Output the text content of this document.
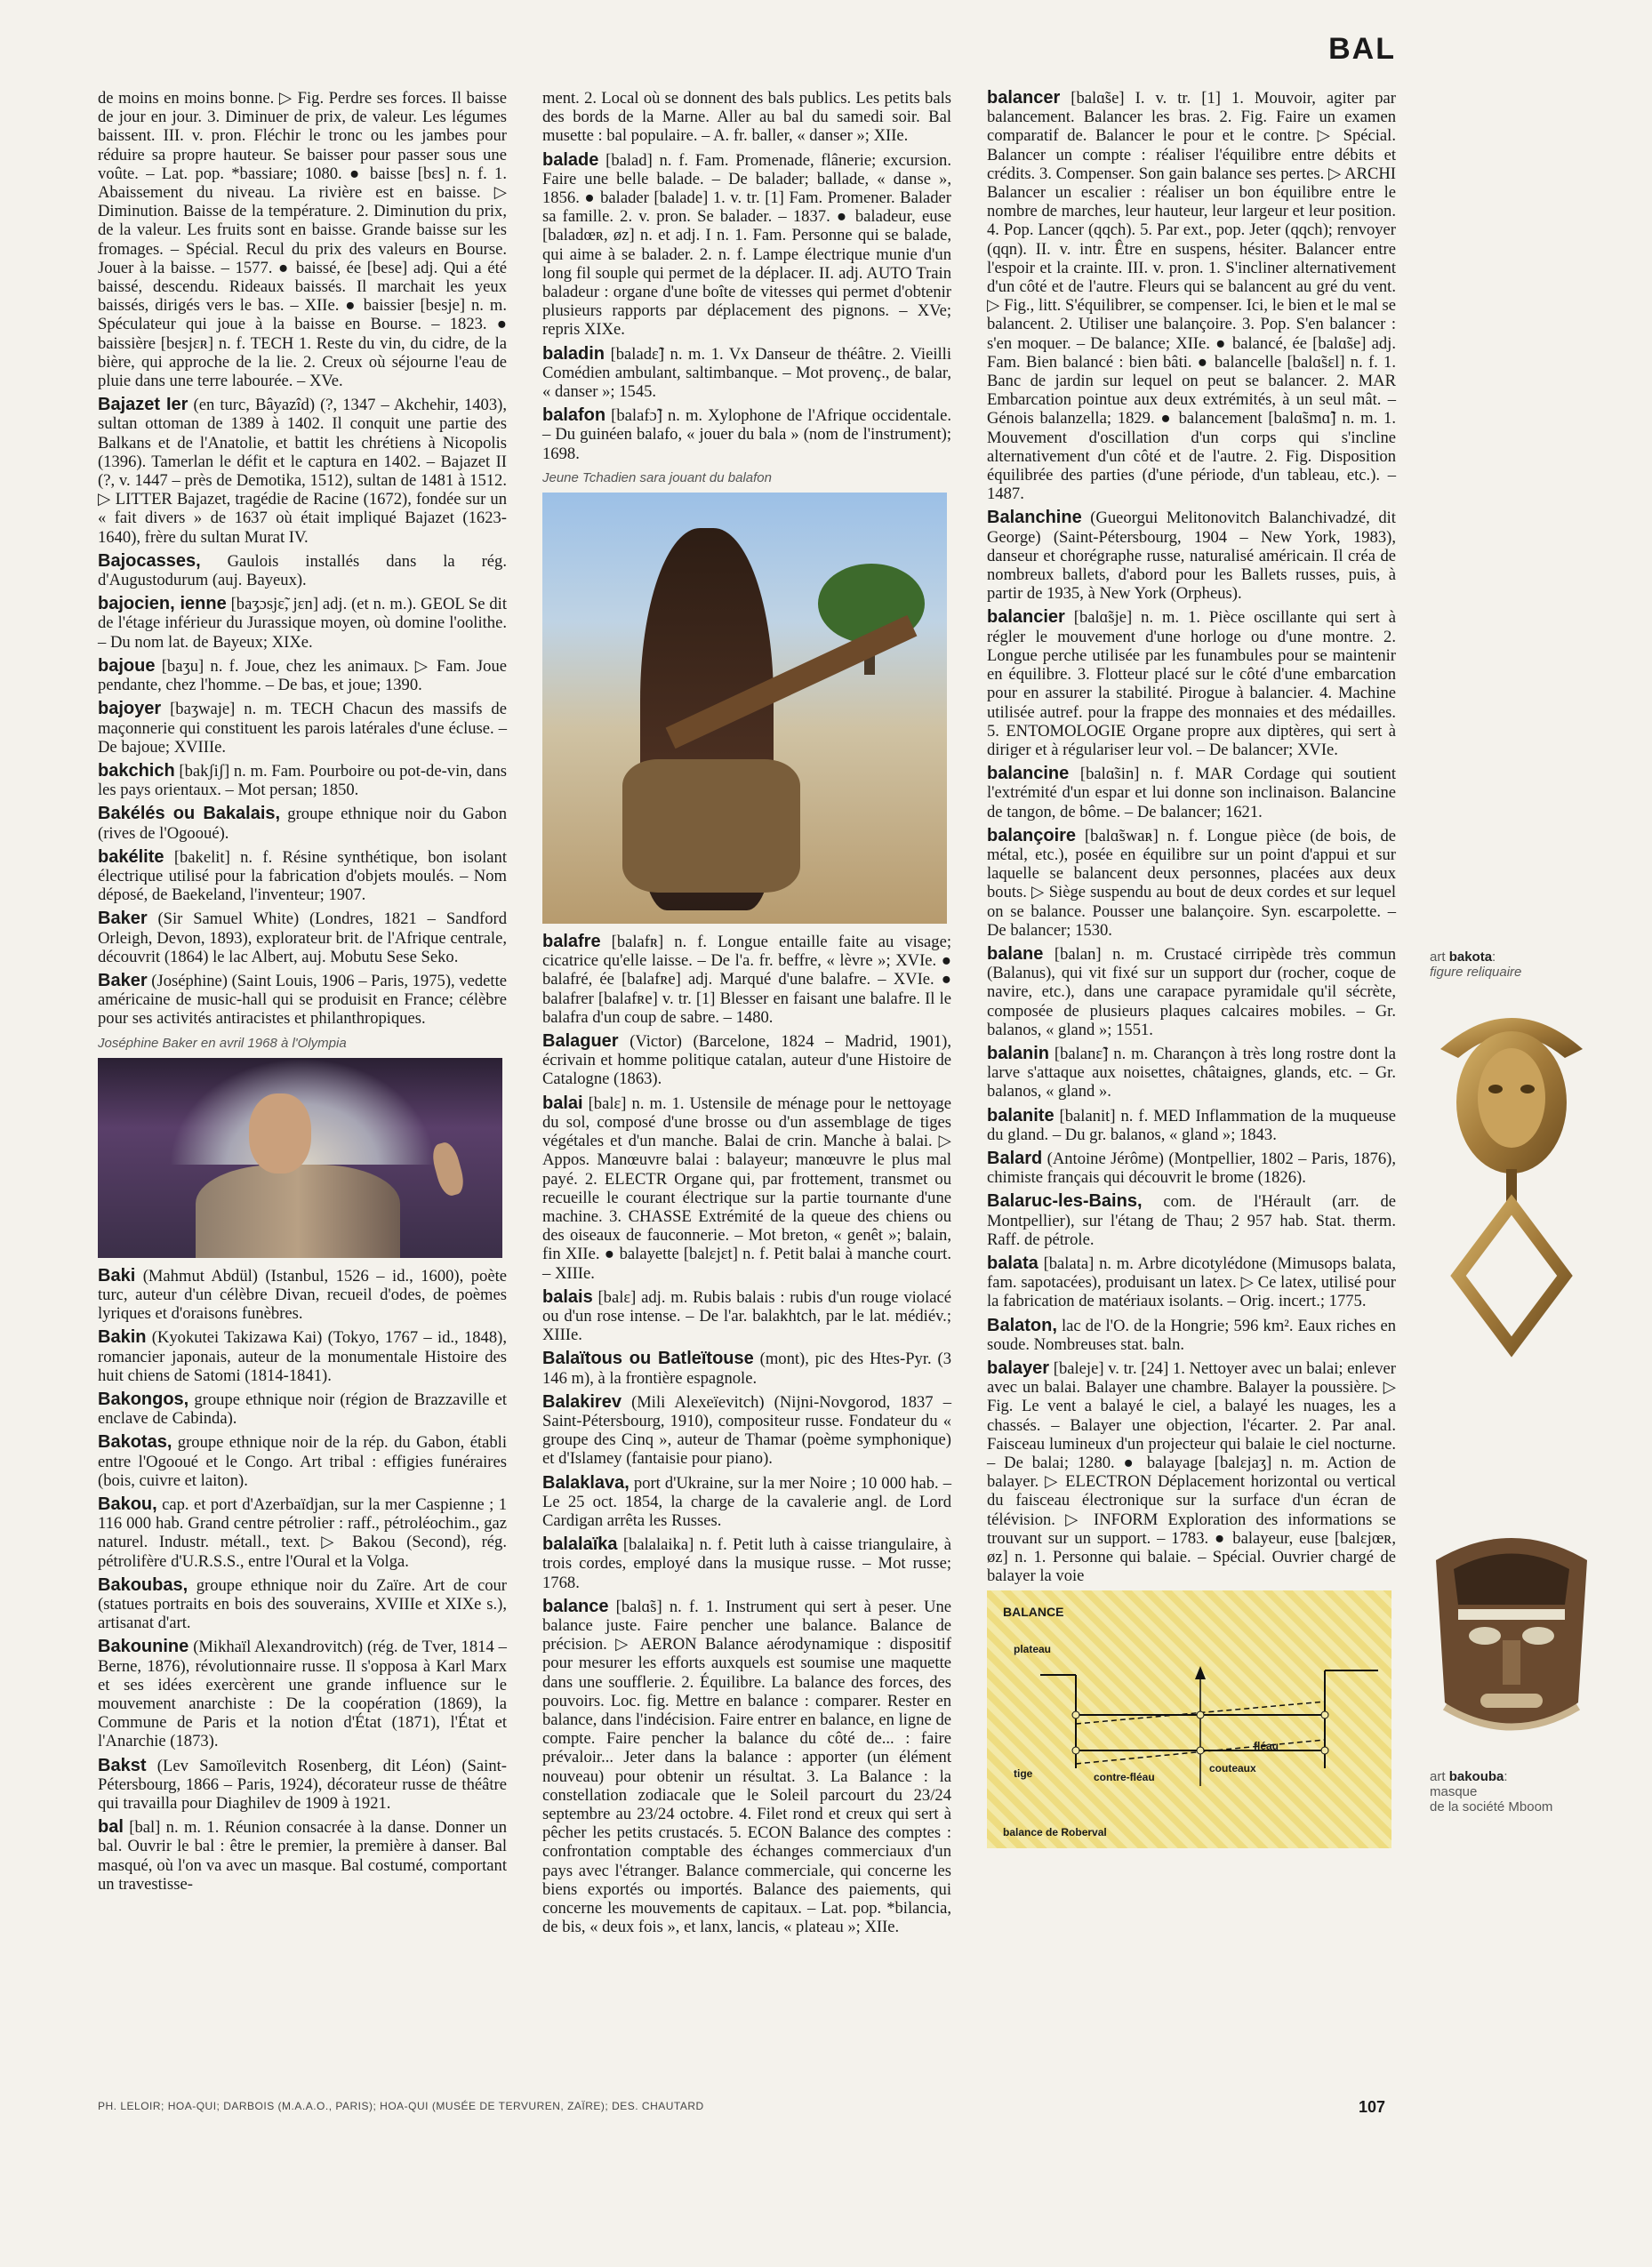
BAL

de moins en moins bonne. ▷ Fig. Perdre ses forces. Il baisse de jour en jour. 3. Diminuer de prix, de valeur. Les légumes baissent. III. v. pron. Fléchir le tronc ou les jambes pour réduire sa propre hauteur. Se baisser pour passer sous une voûte. – Lat. pop. *bassiare; 1080. ● baisse [bɛs] n. f. 1. Abaissement du niveau. La rivière est en baisse. ▷ Diminution. Baisse de la température. 2. Diminution du prix, de la valeur. Les fruits sont en baisse. Grande baisse sur les fromages. – Spécial. Recul du prix des valeurs en Bourse. Jouer à la baisse. – 1577. ● baissé, ée [bese] adj. Qui a été baissé, descendu. Rideaux baissés. Il marchait les yeux baissés, dirigés vers le bas. – XIIe. ● baissier [besje] n. m. Spéculateur qui joue à la baisse en Bourse. – 1823. ● baissière [besjɛʀ] n. f. TECH 1. Reste du vin, du cidre, de la bière, qui approche de la lie. 2. Creux où séjourne l'eau de pluie dans une terre labourée. – XVe.

Bajazet Ier (en turc, Bâyazîd) (?, 1347 – Akchehir, 1403), sultan ottoman de 1389 à 1402. Il conquit une partie des Balkans et de l'Anatolie, et battit les chrétiens à Nicopolis (1396). Tamerlan le défit et le captura en 1402. – Bajazet II (?, v. 1447 – près de Demotika, 1512), sultan de 1481 à 1512. ▷ LITTER Bajazet, tragédie de Racine (1672), fondée sur un « fait divers » de 1637 où était impliqué Bajazet (1623-1640), frère du sultan Murat IV.

Bajocasses, Gaulois installés dans la rég. d'Augustodurum (auj. Bayeux).

bajocien, ienne [baʒɔsjɛ̃, jɛn] adj. (et n. m.). GEOL Se dit de l'étage inférieur du Jurassique moyen, où domine l'oolithe. – Du nom lat. de Bayeux; XIXe.

bajoue [baʒu] n. f. Joue, chez les animaux. ▷ Fam. Joue pendante, chez l'homme. – De bas, et joue; 1390.

bajoyer [baʒwaje] n. m. TECH Chacun des massifs de maçonnerie qui constituent les parois latérales d'une écluse. – De bajoue; XVIIIe.

bakchich [bakʃiʃ] n. m. Fam. Pourboire ou pot-de-vin, dans les pays orientaux. – Mot persan; 1850.

Bakélés ou Bakalais, groupe ethnique noir du Gabon (rives de l'Ogooué).

bakélite [bakelit] n. f. Résine synthétique, bon isolant électrique utilisé pour la fabrication d'objets moulés. – Nom déposé, de Baekeland, l'inventeur; 1907.

Baker (Sir Samuel White) (Londres, 1821 – Sandford Orleigh, Devon, 1893), explorateur brit. de l'Afrique centrale, découvrit (1864) le lac Albert, auj. Mobutu Sese Seko.

Baker (Joséphine) (Saint Louis, 1906 – Paris, 1975), vedette américaine de music-hall qui se produisit en France; célèbre pour ses activités antiracistes et philanthropiques.

Joséphine Baker en avril 1968 à l'Olympia

Baki (Mahmut Abdül) (Istanbul, 1526 – id., 1600), poète turc, auteur d'un célèbre Divan, recueil d'odes, de poèmes lyriques et d'oraisons funèbres.

Bakin (Kyokutei Takizawa Kai) (Tokyo, 1767 – id., 1848), romancier japonais, auteur de la monumentale Histoire des huit chiens de Satomi (1814-1841).

Bakongos, groupe ethnique noir (région de Brazzaville et enclave de Cabinda).

Bakotas, groupe ethnique noir de la rép. du Gabon, établi entre l'Ogooué et le Congo. Art tribal : effigies funéraires (bois, cuivre et laiton).

Bakou, cap. et port d'Azerbaïdjan, sur la mer Caspienne ; 1 116 000 hab. Grand centre pétrolier : raff., pétroléochim., gaz naturel. Industr. métall., text. ▷ Bakou (Second), rég. pétrolifère d'U.R.S.S., entre l'Oural et la Volga.

Bakoubas, groupe ethnique noir du Zaïre. Art de cour (statues portraits en bois des souverains, XVIIIe et XIXe s.), artisanat d'art.

Bakounine (Mikhaïl Alexandrovitch) (rég. de Tver, 1814 – Berne, 1876), révolutionnaire russe. Il s'opposa à Karl Marx et ses idées exercèrent une grande influence sur le mouvement anarchiste : De la coopération (1869), la Commune de Paris et la notion d'État (1871), l'État et l'Anarchie (1873).

Bakst (Lev Samoïlevitch Rosenberg, dit Léon) (Saint-Pétersbourg, 1866 – Paris, 1924), décorateur russe de théâtre qui travailla pour Diaghilev de 1909 à 1921.

bal [bal] n. m. 1. Réunion consacrée à la danse. Donner un bal. Ouvrir le bal : être le premier, la première à danser. Bal masqué, où l'on va avec un masque. Bal costumé, comportant un travestisse-

ment. 2. Local où se donnent des bals publics. Les petits bals des bords de la Marne. Aller au bal du samedi soir. Bal musette : bal populaire. – A. fr. baller, « danser »; XIIe.

balade [balad] n. f. Fam. Promenade, flânerie; excursion. Faire une belle balade. – De balader; ballade, « danse », 1856. ● balader [balade] 1. v. tr. [1] Fam. Promener. Balader sa famille. 2. v. pron. Se balader. – 1837. ● baladeur, euse [baladœʀ, øz] n. et adj. I n. 1. Fam. Personne qui se balade, qui aime à se balader. 2. n. f. Lampe électrique munie d'un long fil souple qui permet de la déplacer. II. adj. AUTO Train baladeur : organe d'une boîte de vitesses qui permet d'obtenir plusieurs rapports par déplacement des pignons. – XVe; repris XIXe.

baladin [baladɛ̃] n. m. 1. Vx Danseur de théâtre. 2. Vieilli Comédien ambulant, saltimbanque. – Mot provenç., de balar, « danser »; 1545.

balafon [balafɔ̃] n. m. Xylophone de l'Afrique occidentale. – Du guinéen balafo, « jouer du bala » (nom de l'instrument); 1698.

Jeune Tchadien sara jouant du balafon

balafre [balafʀ] n. f. Longue entaille faite au visage; cicatrice qu'elle laisse. – De l'a. fr. beffre, « lèvre »; XVIe. ● balafré, ée [balafʀe] adj. Marqué d'une balafre. – XVIe. ● balafrer [balafʀe] v. tr. [1] Blesser en faisant une balafre. Il le balafra d'un coup de sabre. – 1480.

Balaguer (Victor) (Barcelone, 1824 – Madrid, 1901), écrivain et homme politique catalan, auteur d'une Histoire de Catalogne (1863).

balai [balɛ] n. m. 1. Ustensile de ménage pour le nettoyage du sol, composé d'une brosse ou d'un assemblage de tiges végétales et d'un manche. Balai de crin. Manche à balai. ▷ Appos. Manœuvre balai : balayeur; manœuvre le plus mal payé. 2. ELECTR Organe qui, par frottement, transmet ou recueille le courant électrique sur la partie tournante d'une machine. 3. CHASSE Extrémité de la queue des chiens ou des oiseaux de fauconnerie. – Mot breton, « genêt »; balain, fin XIIe. ● balayette [balɛjɛt] n. f. Petit balai à manche court. – XIIIe.

balais [balɛ] adj. m. Rubis balais : rubis d'un rouge violacé ou d'un rose intense. – De l'ar. balakhtch, par le lat. médiév.; XIIIe.

Balaïtous ou Batleïtouse (mont), pic des Htes-Pyr. (3 146 m), à la frontière espagnole.

Balakirev (Mili Alexeïevitch) (Nijni-Novgorod, 1837 – Saint-Pétersbourg, 1910), compositeur russe. Fondateur du « groupe des Cinq », auteur de Thamar (poème symphonique) et d'Islamey (fantaisie pour piano).

Balaklava, port d'Ukraine, sur la mer Noire ; 10 000 hab. – Le 25 oct. 1854, la charge de la cavalerie angl. de Lord Cardigan arrêta les Russes.

balalaïka [balalaika] n. f. Petit luth à caisse triangulaire, à trois cordes, employé dans la musique russe. – Mot russe; 1768.

balance [balɑ̃s] n. f. 1. Instrument qui sert à peser. Une balance juste. Faire pencher une balance. Balance de précision. ▷ AERON Balance aérodynamique : dispositif pour mesurer les efforts auxquels est soumise une maquette dans une soufflerie. 2. Équilibre. La balance des forces, des pouvoirs. Loc. fig. Mettre en balance : comparer. Rester en balance, dans l'indécision. Faire entrer en balance, en ligne de compte. Faire pencher la balance du côté de... : faire prévaloir... Jeter dans la balance : apporter (un élément nouveau) pour obtenir un résultat. 3. La Balance : la constellation zodiacale que le Soleil parcourt du 23/24 septembre au 23/24 octobre. 4. Filet rond et creux qui sert à pêcher les petits crustacés. 5. ECON Balance des comptes : confrontation comptable des échanges commerciaux d'un pays avec l'étranger. Balance commerciale, qui concerne les biens exportés ou importés. Balance des paiements, qui concerne les mouvements de capitaux. – Lat. pop. *bilancia, de bis, « deux fois », et lanx, lancis, « plateau »; XIIe.

balancer [balɑ̃se] I. v. tr. [1] 1. Mouvoir, agiter par balancement. Balancer les bras. 2. Fig. Faire un examen comparatif de. Balancer le pour et le contre. ▷ Spécial. Balancer un compte : réaliser l'équilibre entre débits et crédits. 3. Compenser. Son gain balance ses pertes. ▷ ARCHI Balancer un escalier : réaliser un bon équilibre entre le nombre de marches, leur hauteur, leur largeur et leur position. 4. Pop. Lancer (qqch). 5. Par ext., pop. Jeter (qqch); renvoyer (qqn). II. v. intr. Être en suspens, hésiter. Balancer entre l'espoir et la crainte. III. v. pron. 1. S'incliner alternativement d'un côté et de l'autre. Fleurs qui se balancent au gré du vent. ▷ Fig., litt. S'équilibrer, se compenser. Ici, le bien et le mal se balancent. 2. Utiliser une balançoire. 3. Pop. S'en balancer : s'en moquer. – De balance; XIIe. ● balancé, ée [balɑ̃se] adj. Fam. Bien balancé : bien bâti. ● balancelle [balɑ̃sɛl] n. f. 1. Banc de jardin sur lequel on peut se balancer. 2. MAR Embarcation pointue aux deux extrémités, à un seul mât. – Génois balanzella; 1829. ● balancement [balɑ̃smɑ̃] n. m. 1. Mouvement d'oscillation d'un corps qui s'incline alternativement d'un côté et de l'autre. 2. Fig. Disposition équilibrée des parties (d'une période, d'un tableau, etc.). – 1487.

Balanchine (Gueorgui Melitonovitch Balanchivadzé, dit George) (Saint-Pétersbourg, 1904 – New York, 1983), danseur et chorégraphe russe, naturalisé américain. Il créa de nombreux ballets, d'abord pour les Ballets russes, puis, à partir de 1935, à New York (Orpheus).

balancier [balɑ̃sje] n. m. 1. Pièce oscillante qui sert à régler le mouvement d'une horloge ou d'une montre. 2. Longue perche utilisée par les funambules pour se maintenir en équilibre. 3. Flotteur placé sur le côté d'une embarcation pour en assurer la stabilité. Pirogue à balancier. 4. Machine utilisée autref. pour la frappe des monnaies et des médailles. 5. ENTOMOLOGIE Organe propre aux diptères, qui sert à diriger et à régulariser leur vol. – De balancer; XVIe.

balancine [balɑ̃sin] n. f. MAR Cordage qui soutient l'extrémité d'un espar et lui donne son inclinaison. Balancine de tangon, de bôme. – De balancer; 1621.

balançoire [balɑ̃swaʀ] n. f. Longue pièce (de bois, de métal, etc.), posée en équilibre sur un point d'appui et sur laquelle se balancent deux personnes, placées aux deux bouts. ▷ Siège suspendu au bout de deux cordes et sur lequel on se balance. Pousser une balançoire. Syn. escarpolette. – De balancer; 1530.

balane [balan] n. m. Crustacé cirripède très commun (Balanus), qui vit fixé sur un support dur (rocher, coque de navire, etc.), dans une carapace pyramidale qu'il sécrète, composée de plusieurs plaques calcaires mobiles. – Gr. balanos, « gland »; 1551.

balanin [balanɛ̃] n. m. Charançon à très long rostre dont la larve s'attaque aux noisettes, châtaignes, glands, etc. – Gr. balanos, « gland ».

balanite [balanit] n. f. MED Inflammation de la muqueuse du gland. – Du gr. balanos, « gland »; 1843.

Balard (Antoine Jérôme) (Montpellier, 1802 – Paris, 1876), chimiste français qui découvrit le brome (1826).

Balaruc-les-Bains, com. de l'Hérault (arr. de Montpellier), sur l'étang de Thau; 2 957 hab. Stat. therm. Raff. de pétrole.

balata [balata] n. m. Arbre dicotylédone (Mimusops balata, fam. sapotacées), produisant un latex. ▷ Ce latex, utilisé pour la fabrication de matériaux isolants. – Orig. incert.; 1775.

Balaton, lac de l'O. de la Hongrie; 596 km². Eaux riches en soude. Nombreuses stat. baln.

balayer [baleje] v. tr. [24] 1. Nettoyer avec un balai; enlever avec un balai. Balayer une chambre. Balayer la poussière. ▷ Fig. Le vent a balayé le ciel, a balayé les nuages, les a chassés. – Balayer une objection, l'écarter. 2. Par anal. Faisceau lumineux d'un projecteur qui balaie le ciel nocturne. – De balai; 1280. ● balayage [balɛjaʒ] n. m. Action de balayer. ▷ ELECTRON Déplacement horizontal ou vertical du faisceau électronique sur la surface d'un écran de télévision. ▷ INFORM Exploration des informations se trouvant sur un support. – 1783. ● balayeur, euse [balɛjœʀ, øz] n. 1. Personne qui balaie. – Spécial. Ouvrier chargé de balayer la voie

BALANCE
plateau
tige	contre-fléau
couteaux
fléau
balance de Roberval
art bakota:
figure reliquaire
art bakouba:
masque
de la société Mboom
PH. LELOIR; HOA-QUI; DARBOIS (M.A.A.O., PARIS); HOA-QUI (MUSÉE DE TERVUREN, ZAÏRE); DES. CHAUTARD	107
